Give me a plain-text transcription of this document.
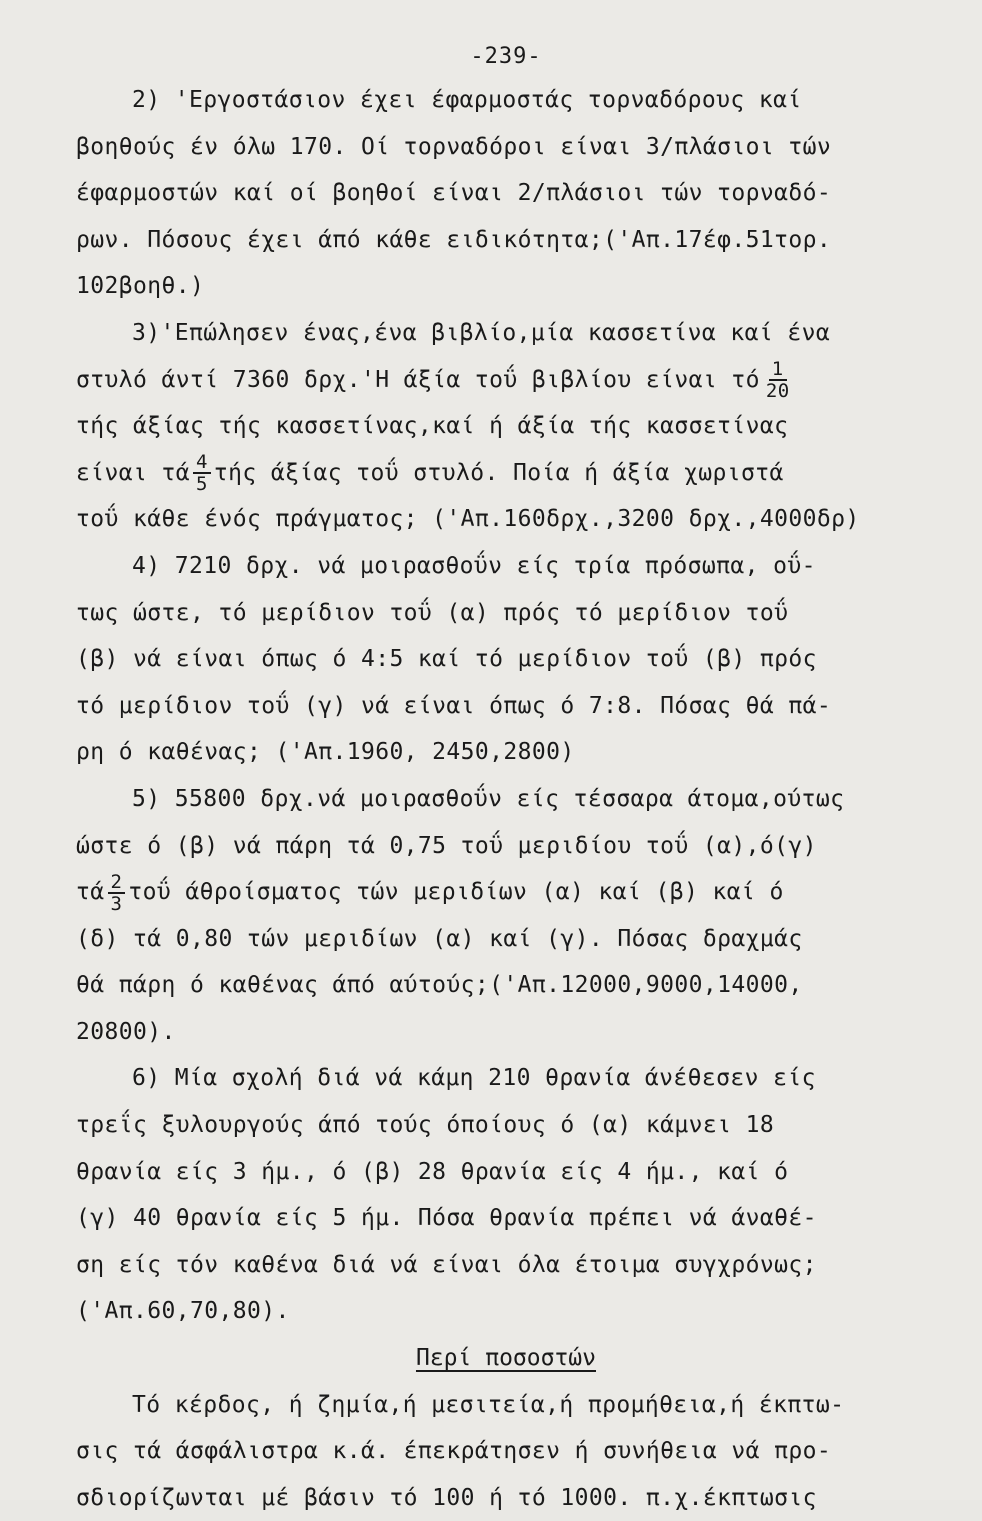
-239-
2) 'Εργοστάσιον έχει έφαρμοστάς τορναδόρους καί
βοηθούς έν όλω 170. Οί τορναδόροι είναι 3/πλάσιοι τών
έφαρμοστών καί οί βοηθοί είναι 2/πλάσιοι τών τορναδό-
ρων. Πόσους έχει άπό κάθε ειδικότητα;('Απ.17έφ.51τορ.
102βοηθ.)
3)'Επώλησεν ένας,ένα βιβλίο,μία κασσετίνα καί ένα
στυλό άντί 7360 δρχ.'Η άξία τοΰ βιβλίου είναι τό $\frac{1}{20}$
τής άξίας τής κασσετίνας,καί ή άξία τής κασσετίνας
είναι τά $\frac{4}{5}$ τής άξίας τοΰ στυλό. Ποία ή άξία χωριστά
τοΰ κάθε ένός πράγματος; ('Απ.160δρχ.,3200 δρχ.,4000δρ)
4) 7210 δρχ. νά μοιρασθοΰν είς τρία πρόσωπα, οΰ-
τως ώστε, τό μερίδιον τοΰ (α) πρός τό μερίδιον τοΰ
(β) νά είναι όπως ό 4:5 καί τό μερίδιον τοΰ (β) πρός
τό μερίδιον τοΰ (γ) νά είναι όπως ό 7:8. Πόσας θά πά-
ρη ό καθένας; ('Απ.1960, 2450,2800)
5) 55800 δρχ.νά μοιρασθοΰν είς τέσσαρα άτομα,ούτως
ώστε ό (β) νά πάρη τά 0,75 τοΰ μεριδίου τοΰ (α),ό(γ)
τά $\frac{2}{3}$ τοΰ άθροίσματος τών μεριδίων (α) καί (β) καί ό
(δ) τά 0,80 τών μεριδίων (α) καί (γ). Πόσας δραχμάς
θά πάρη ό καθένας άπό αύτούς;('Απ.12000,9000,14000,
20800).
6) Μία σχολή διά νά κάμη 210 θρανία άνέθεσεν είς
τρεΐς ξυλουργούς άπό τούς όποίους ό (α) κάμνει 18
θρανία είς 3 ήμ., ό (β) 28 θρανία είς 4 ήμ., καί ό
(γ) 40 θρανία είς 5 ήμ. Πόσα θρανία πρέπει νά άναθέ-
ση είς τόν καθένα διά νά είναι όλα έτοιμα συγχρόνως;
('Απ.60,70,80).
Περί ποσοστών
Τό κέρδος, ή ζημία,ή μεσιτεία,ή προμήθεια,ή έκπτω-
σις τά άσφάλιστρα κ.ά. έπεκράτησεν ή συνήθεια νά προ-
σδιορίζωνται μέ βάσιν τό 100 ή τό 1000. π.χ.έκπτωσις
